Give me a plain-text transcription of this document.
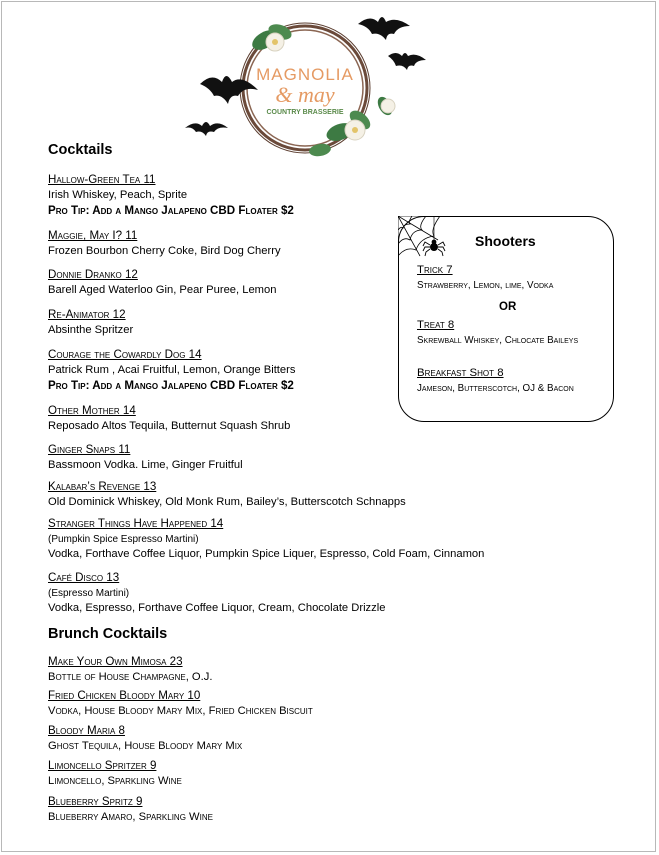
MAGNOLIA
& may
COUNTRY BRASSERIE
Cocktails
Hallow-Green Tea 11
Irish Whiskey, Peach, Sprite
Pro Tip: Add a Mango Jalapeno CBD Floater $2
Maggie, May I? 11
Frozen Bourbon Cherry Coke, Bird Dog Cherry
Donnie Dranko 12
Barell Aged Waterloo Gin, Pear Puree, Lemon
Re-Animator 12
Absinthe Spritzer
Courage the Cowardly Dog 14
Patrick Rum , Acai Fruitful, Lemon, Orange Bitters
Pro Tip: Add a Mango Jalapeno CBD Floater $2
Other Mother 14
Reposado Altos Tequila, Butternut Squash Shrub
Ginger Snaps 11
Bassmoon Vodka. Lime, Ginger Fruitful
Kalabar’s Revenge 13
Old Dominick Whiskey, Old Monk Rum, Bailey’s, Butterscotch Schnapps
Stranger Things Have Happened 14
(Pumpkin Spice Espresso Martini)
Vodka, Forthave Coffee Liquor, Pumpkin Spice Liquer, Espresso, Cold Foam, Cinnamon
Café Disco 13
(Espresso Martini)
Vodka, Espresso, Forthave Coffee Liquor, Cream, Chocolate Drizzle
Brunch Cocktails
Make Your Own Mimosa 23
Bottle of House Champagne, O.J.
Fried Chicken Bloody Mary 10
Vodka, House Bloody Mary Mix, Fried Chicken Biscuit
Bloody Maria 8
Ghost Tequila, House Bloody Mary Mix
Limoncello Spritzer 9
Limoncello, Sparkling Wine
Blueberry Spritz 9
Blueberry Amaro, Sparkling Wine
Shooters
Trick 7
Strawberry, Lemon, lime, Vodka
OR
Treat 8
Skrewball Whiskey, Chlocate Baileys
Breakfast Shot 8
Jameson, Butterscotch, OJ & Bacon
